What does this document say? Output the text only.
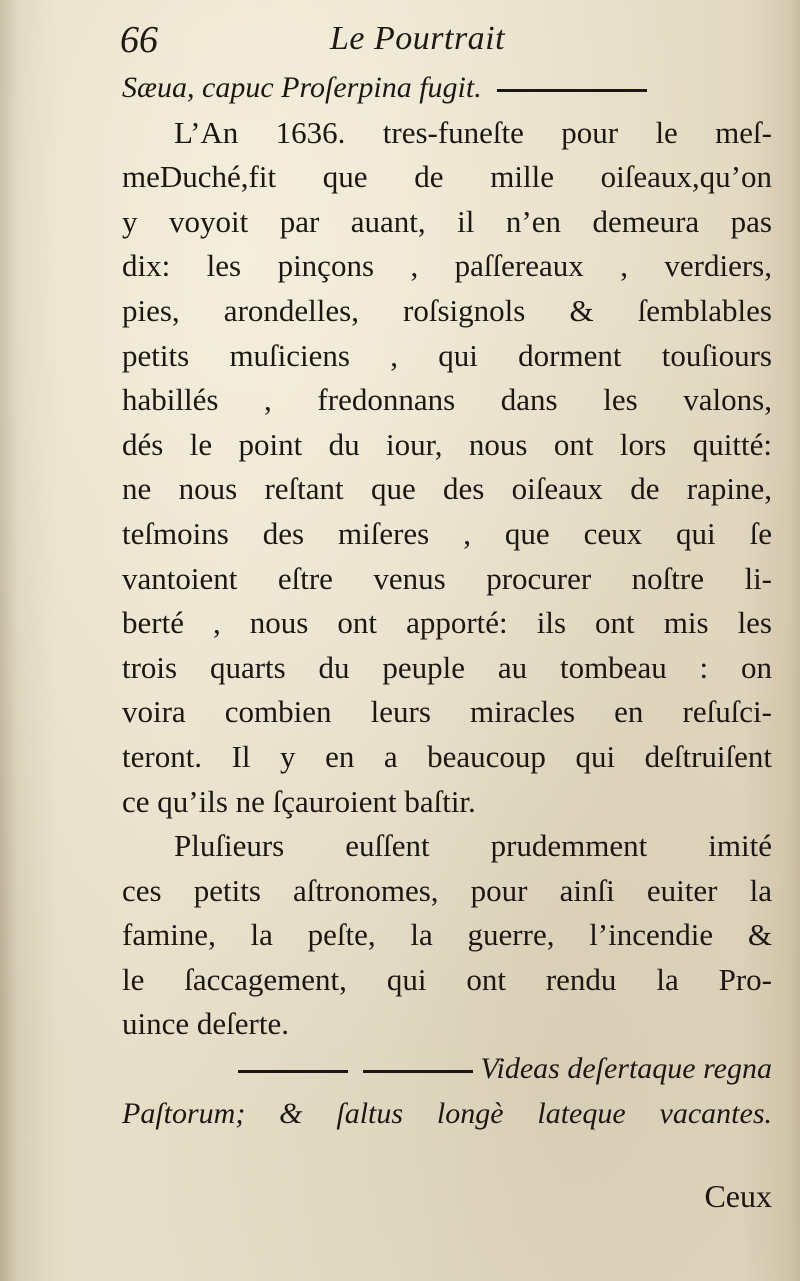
66	Le Pourtrait
Sæua, capuc Proſerpina fugit.
L’An 1636. tres-funeſte pour le meſ-
meDuché,fit que de mille oiſeaux,qu’on
y voyoit par auant, il n’en demeura pas
dix: les pinçons , paſſereaux , verdiers,
pies, arondelles, roſsignols & ſemblables
petits muſiciens , qui dorment touſiours
habillés , fredonnans dans les valons,
dés le point du iour, nous ont lors quitté:
ne nous reſtant que des oiſeaux de rapine,
teſmoins des miſeres , que ceux qui ſe
vantoient eſtre venus procurer noſtre li-
berté , nous ont apporté: ils ont mis les
trois quarts du peuple au tombeau : on
voira combien leurs miracles en reſuſci-
teront. Il y en a beaucoup qui deſtruiſent
ce qu’ils ne ſçauroient baſtir.
Pluſieurs euſſent prudemment imité
ces petits aſtronomes, pour ainſi euiter la
famine, la peſte, la guerre, l’incendie &
le ſaccagement, qui ont rendu la Pro-
uince deſerte.
Videas deſertaque regna
Paſtorum; & ſaltus longè lateque vacantes.
Ceux
